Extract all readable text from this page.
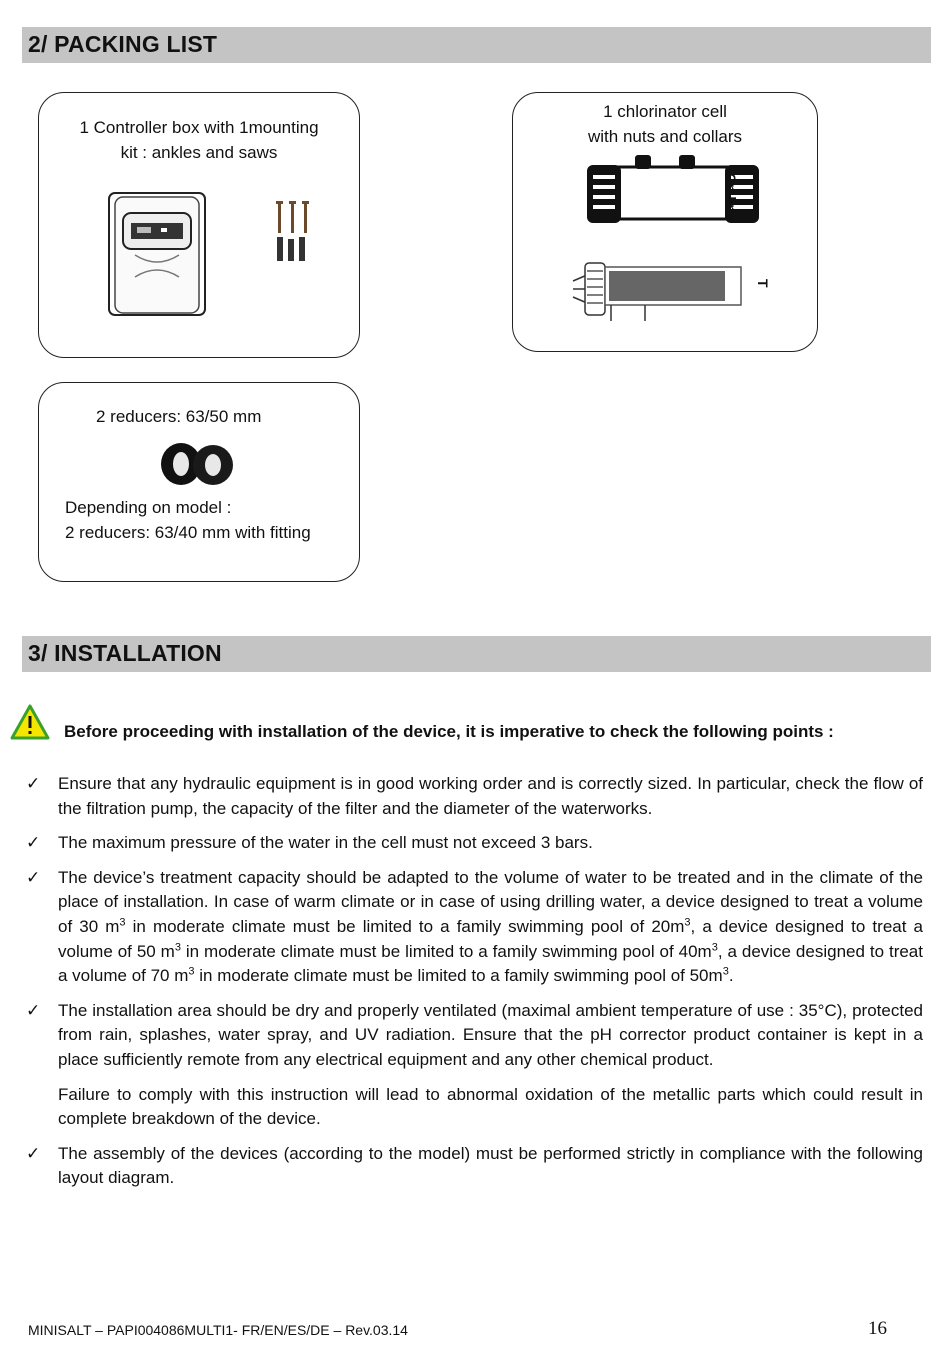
2/ PACKING LIST
1 Controller box with 1mounting
kit : ankles and saws
1 chlorinator cell
with nuts and collars
On line
T
2 reducers: 63/50 mm
Depending on model :
2 reducers: 63/40 mm with fitting
3/ INSTALLATION
Before proceeding with installation of the device, it is imperative to check the following points :
✓ Ensure that any hydraulic equipment is in good working order and is correctly sized. In particular, check the flow of the filtration pump, the capacity of the filter and the diameter of the waterworks.

✓ The maximum pressure of the water in the cell must not exceed 3 bars.

✓ The device’s treatment capacity should be adapted to the volume of water to be treated and in the climate of the place of installation. In case of warm climate or in case of using drilling water, a device designed to treat a volume of 30 $m^3$ in moderate climate must be limited to a family swimming pool of $20m^3$, a device designed to treat a volume of 50 $m^3$ in moderate climate must be limited to a family swimming pool of $40m^3$, a device designed to treat a volume of 70 $m^3$ in moderate climate must be limited to a family swimming pool of $50m^3$.

✓ The installation area should be dry and properly ventilated (maximal ambient temperature of use : 35°C), protected from rain, splashes, water spray, and UV radiation. Ensure that the pH corrector product container is kept in a place sufficiently remote from any electrical equipment and any other chemical product.

Failure to comply with this instruction will lead to abnormal oxidation of the metallic parts which could result in complete breakdown of the device.

✓ The assembly of the devices (according to the model) must be performed strictly in compliance with the following layout diagram.

MINISALT – PAPI004086MULTI1- FR/EN/ES/DE – Rev.03.14	16
